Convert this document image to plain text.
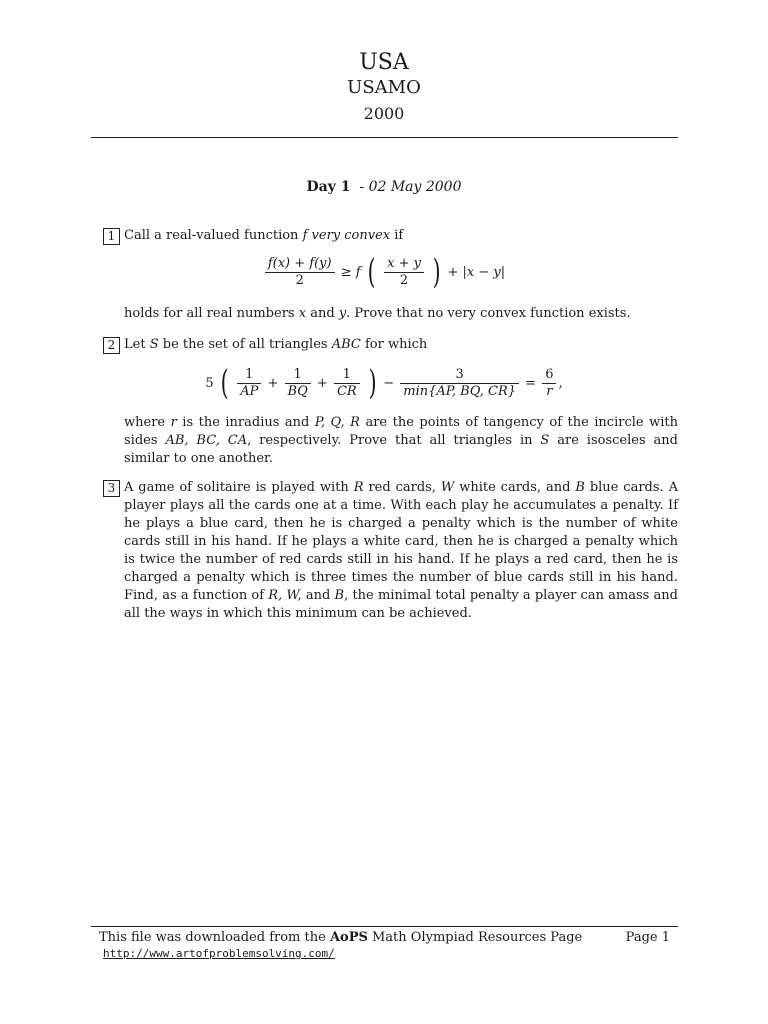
USA
USAMO
2000
Day 1 - 02 May 2000
1 Call a real-valued function f very convex if
$\frac{f(x) + f(y)}{2} \ge f$ ( $\frac{x + y}{2}$ ) + |x − y|
holds for all real numbers x and y. Prove that no very convex function exists.
2 Let S be the set of all triangles ABC for which
5 ( $\frac{1}{AP} + \frac{1}{BQ} + \frac{1}{CR}$ ) −
3
min{AP, BQ, CR}
= $\frac{6}{r}$ ,
where r is the inradius and P, Q, R are the points of tangency of the incircle with sides AB, BC, CA, respectively. Prove that all triangles in S are isosceles and similar to one another.
3 A game of solitaire is played with R red cards, W white cards, and B blue cards. A player plays all the cards one at a time. With each play he accumulates a penalty. If he plays a blue card, then he is charged a penalty which is the number of white cards still in his hand. If he plays a white card, then he is charged a penalty which is twice the number of red cards still in his hand. If he plays a red card, then he is charged a penalty which is three times the number of blue cards still in his hand. Find, as a function of R, W, and B, the minimal total penalty a player can amass and all the ways in which this minimum can be achieved.
This file was downloaded from the AoPS Math Olympiad Resources Page
http://www.artofproblemsolving.com/
Page 1
